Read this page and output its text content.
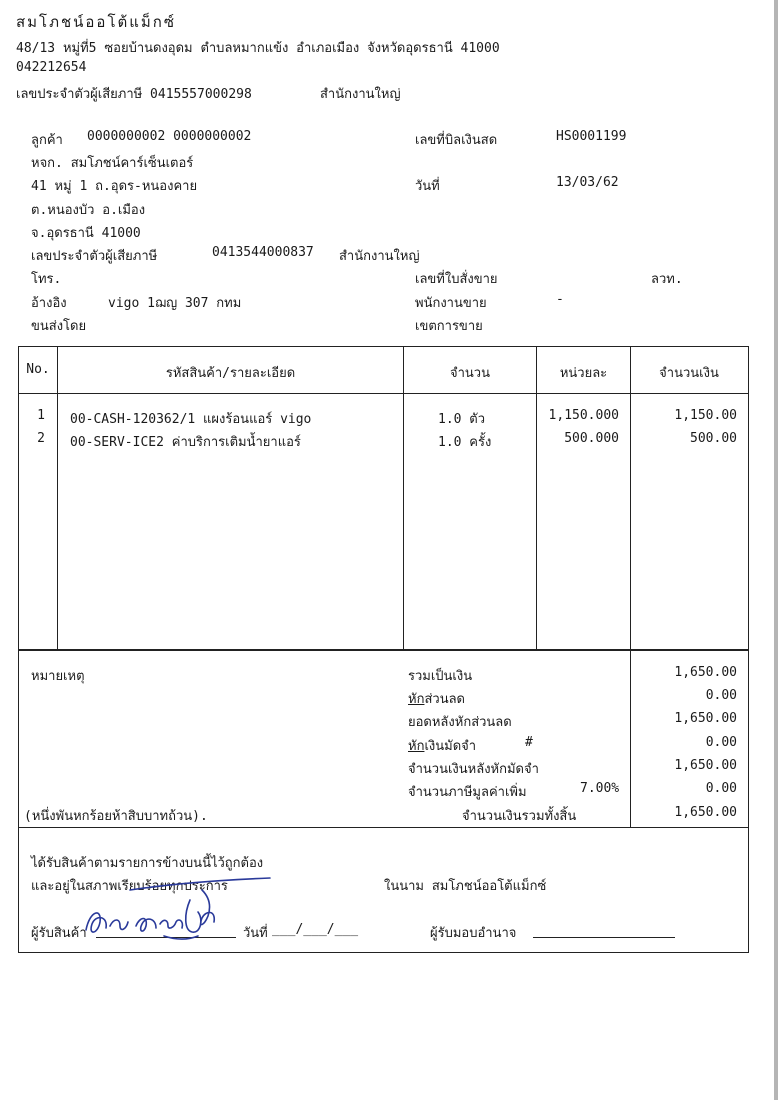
สมโภชน์ออโต้แม็กซ์
48/13 หมู่ที่5 ซอยบ้านดงอุดม ตำบลหมากแข้ง อำเภอเมือง จังหวัดอุดรธานี 41000
042212654
เลขประจำตัวผู้เสียภาษี 0415557000298	สำนักงานใหญ่
ลูกค้า 0000000002 0000000002
หจก. สมโภชน์คาร์เซ็นเตอร์
41 หมู่ 1 ถ.อุดร-หนองคาย
ต.หนองบัว อ.เมือง
จ.อุดรธานี 41000
เลขประจำตัวผู้เสียภาษี	0413544000837 สำนักงานใหญ่
โทร.
อ้างอิง	vigo 1ฌญ 307 กทม
ขนส่งโดย
เลขที่บิลเงินสด	HS0001199
วันที่	13/03/62
เลขที่ใบสั่งขาย	ลวท.
พนักงานขาย	-
เขตการขาย
No.	รหัสสินค้า/รายละเอียด	จำนวน	หน่วยละ	จำนวนเงิน
1	00-CASH-120362/1 แผงร้อนแอร์ vigo	1.0 ตัว	1,150.000	1,150.00
2	00-SERV-ICE2 ค่าบริการเติมน้ำยาแอร์	1.0 ครั้ง	500.000	500.00
หมายเหตุ
(หนึ่งพันหกร้อยห้าสิบบาทถ้วน).
รวมเป็นเงิน	1,650.00
หักส่วนลด	0.00
ยอดหลังหักส่วนลด	1,650.00
หักเงินมัดจำ	#	0.00
จำนวนเงินหลังหักมัดจำ	1,650.00
จำนวนภาษีมูลค่าเพิ่ม	7.00%	0.00
จำนวนเงินรวมทั้งสิ้น	1,650.00
ได้รับสินค้าตามรายการข้างบนนี้ไว้ถูกต้อง
และอยู่ในสภาพเรียบร้อยทุกประการ	ในนาม สมโภชน์ออโต้แม็กซ์
ผู้รับสินค้า	วันที่ ___/___/___	ผู้รับมอบอำนาจ
